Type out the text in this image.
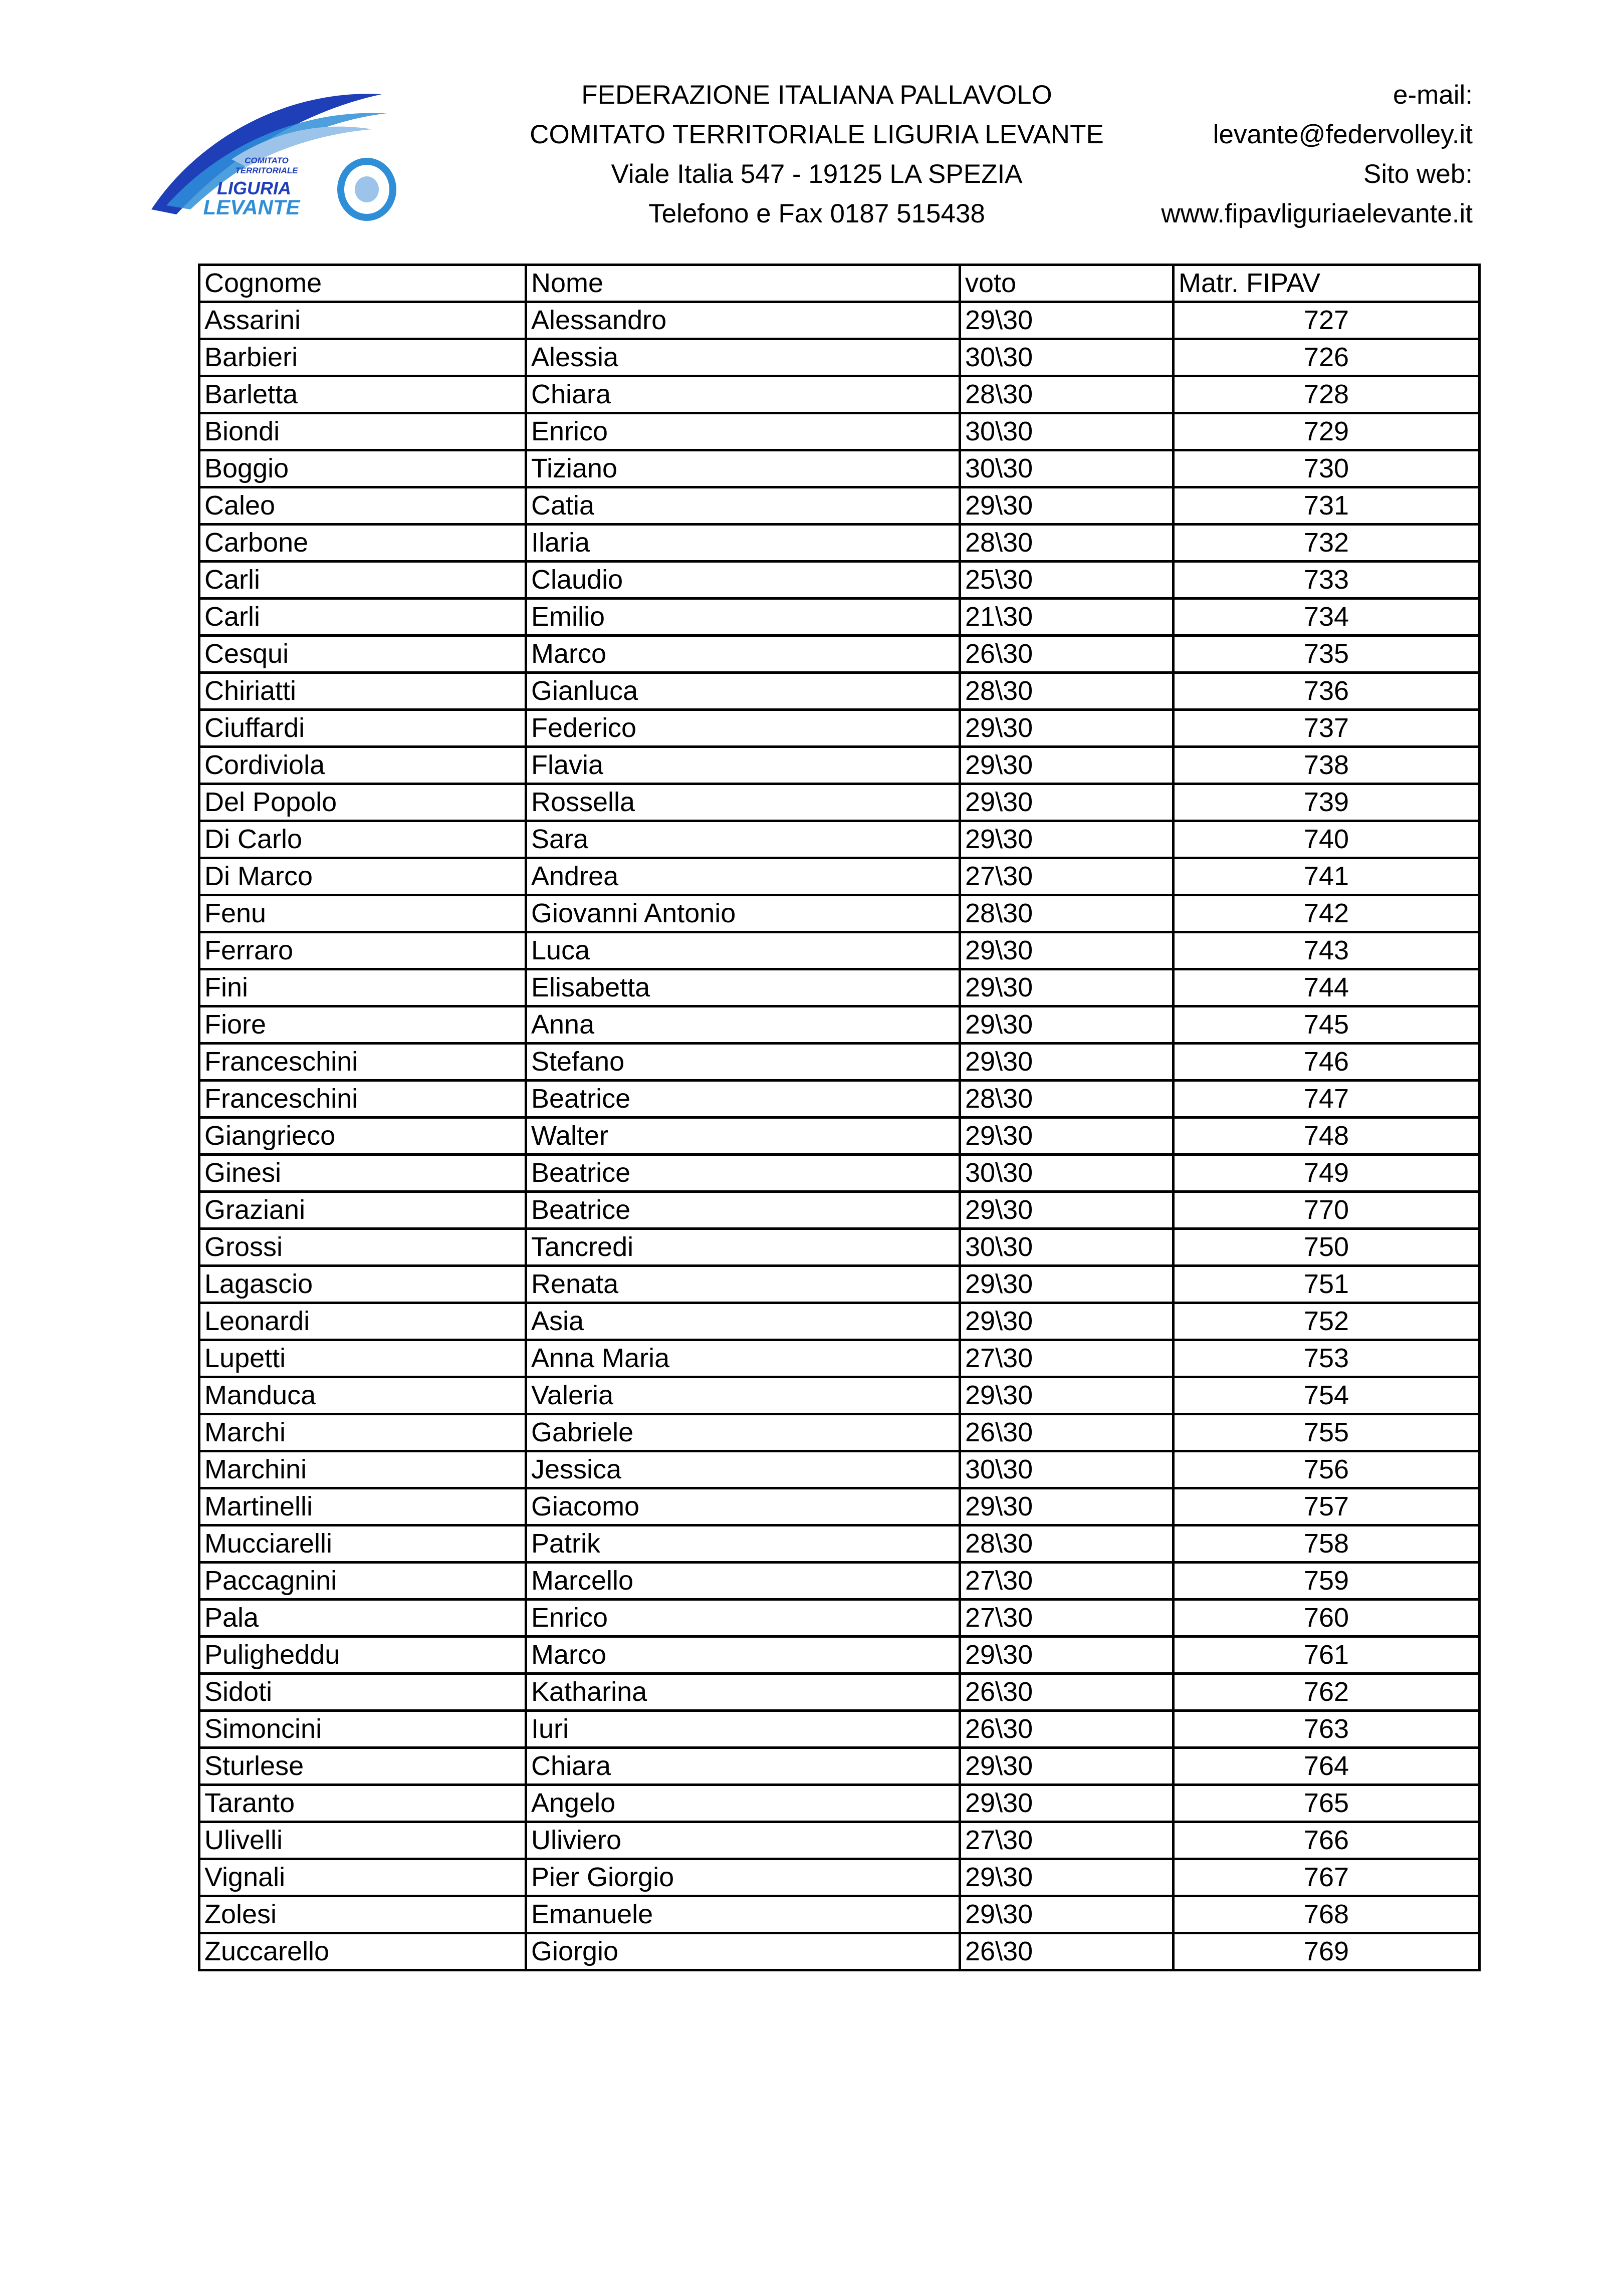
COMITATO
TERRITORIALE
LIGURIA
LEVANTE
FEDERAZIONE ITALIANA PALLAVOLO
COMITATO TERRITORIALE LIGURIA LEVANTE
Viale Italia 547 - 19125 LA SPEZIA
Telefono e Fax 0187 515438
e-mail:
levante@federvolley.it
Sito web:
www.fipavliguriaelevante.it
Cognome	Nome	voto	Matr. FIPAV
Assarini	Alessandro	29\30	727
Barbieri	Alessia	30\30	726
Barletta	Chiara	28\30	728
Biondi	Enrico	30\30	729
Boggio	Tiziano	30\30	730
Caleo	Catia	29\30	731
Carbone	Ilaria	28\30	732
Carli	Claudio	25\30	733
Carli	Emilio	21\30	734
Cesqui	Marco	26\30	735
Chiriatti	Gianluca	28\30	736
Ciuffardi	Federico	29\30	737
Cordiviola	Flavia	29\30	738
Del Popolo	Rossella	29\30	739
Di Carlo	Sara	29\30	740
Di Marco	Andrea	27\30	741
Fenu	Giovanni Antonio	28\30	742
Ferraro	Luca	29\30	743
Fini	Elisabetta	29\30	744
Fiore	Anna	29\30	745
Franceschini	Stefano	29\30	746
Franceschini	Beatrice	28\30	747
Giangrieco	Walter	29\30	748
Ginesi	Beatrice	30\30	749
Graziani	Beatrice	29\30	770
Grossi	Tancredi	30\30	750
Lagascio	Renata	29\30	751
Leonardi	Asia	29\30	752
Lupetti	Anna Maria	27\30	753
Manduca	Valeria	29\30	754
Marchi	Gabriele	26\30	755
Marchini	Jessica	30\30	756
Martinelli	Giacomo	29\30	757
Mucciarelli	Patrik	28\30	758
Paccagnini	Marcello	27\30	759
Pala	Enrico	27\30	760
Puligheddu	Marco	29\30	761
Sidoti	Katharina	26\30	762
Simoncini	Iuri	26\30	763
Sturlese	Chiara	29\30	764
Taranto	Angelo	29\30	765
Ulivelli	Uliviero	27\30	766
Vignali	Pier Giorgio	29\30	767
Zolesi	Emanuele	29\30	768
Zuccarello	Giorgio	26\30	769
